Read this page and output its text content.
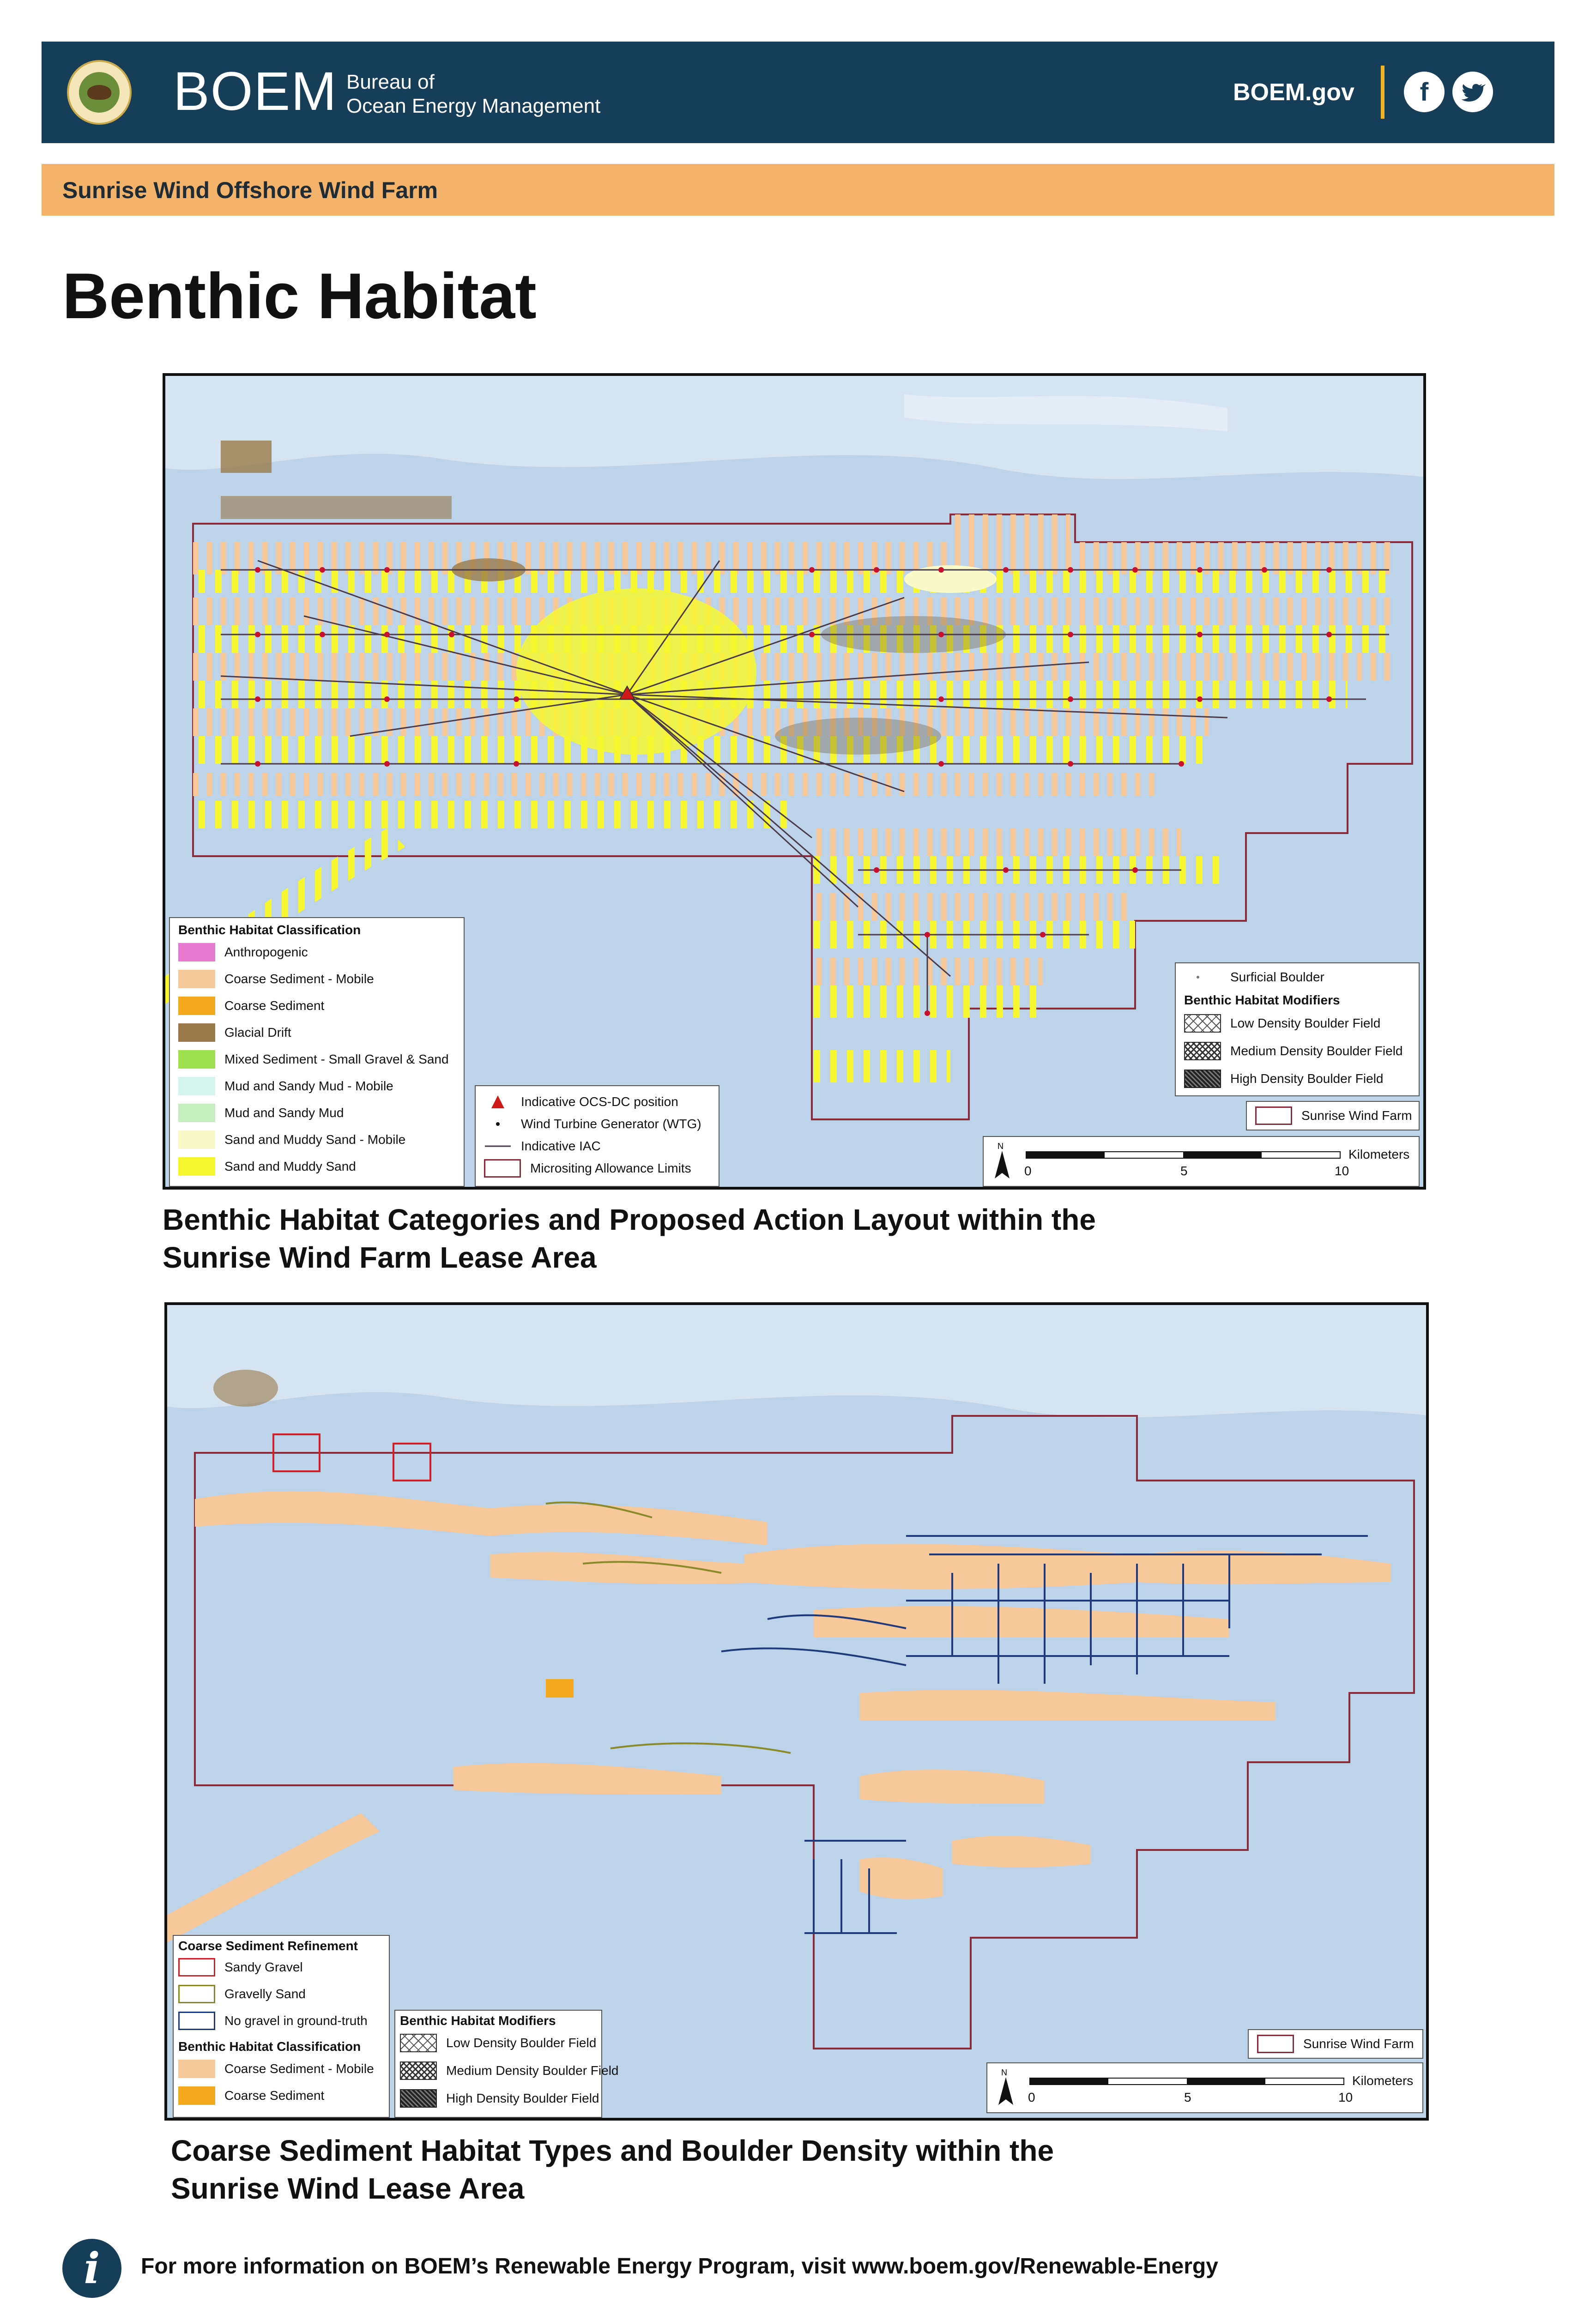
BOEM Bureau of
Ocean Energy Management
BOEM.gov	f
Sunrise Wind Offshore Wind Farm
Benthic Habitat
Benthic Habitat Classification
Anthropogenic
Coarse Sediment - Mobile
Coarse Sediment
Glacial Drift
Mixed Sediment - Small Gravel & Sand
Mud and Sandy Mud - Mobile
Mud and Sandy Mud
Sand and Muddy Sand - Mobile
Sand and Muddy Sand
Indicative OCS-DC position
Wind Turbine Generator (WTG)
Indicative IAC
Micrositing Allowance Limits
Surficial Boulder
Benthic Habitat Modifiers
Low Density Boulder Field
Medium Density Boulder Field
High Density Boulder Field
Sunrise Wind Farm
N
Kilometers
0	5	10
Benthic Habitat Categories and Proposed Action Layout within the
Sunrise Wind Farm Lease Area
Coarse Sediment Refinement
Sandy Gravel
Gravelly Sand
No gravel in ground-truth
Benthic Habitat Classification
Coarse Sediment - Mobile
Coarse Sediment
Benthic Habitat Modifiers
Low Density Boulder Field
Medium Density Boulder Field
High Density Boulder Field
Sunrise Wind Farm
N
Kilometers
0	5	10
Coarse Sediment Habitat Types and Boulder Density within the
Sunrise Wind Lease Area
i	For more information on BOEM’s Renewable Energy Program, visit www.boem.gov/Renewable-Energy
